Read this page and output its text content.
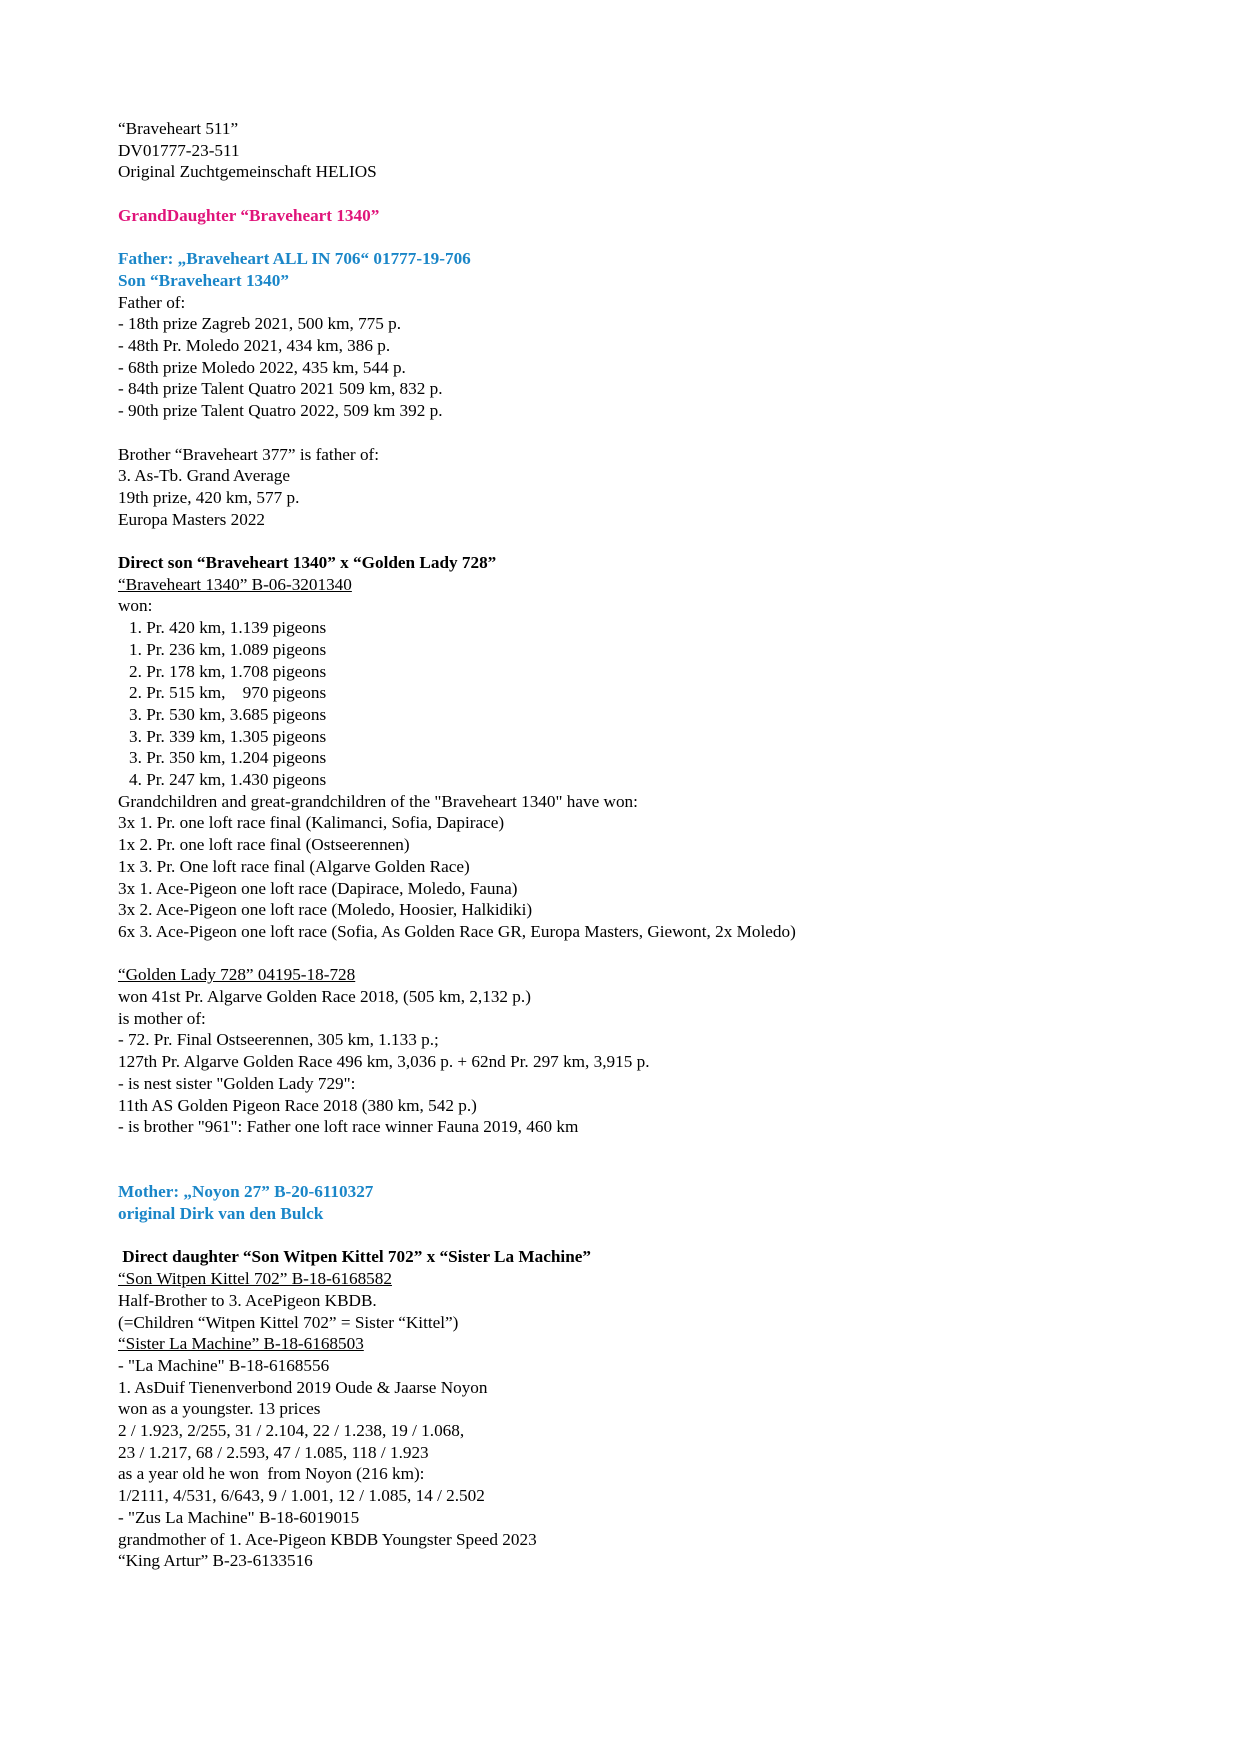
“Braveheart 511”
DV01777-23-511
Original Zuchtgemeinschaft HELIOS
GrandDaughter “Braveheart 1340”
Father: „Braveheart ALL IN 706“ 01777-19-706
Son “Braveheart 1340”
Father of:
- 18th prize Zagreb 2021, 500 km, 775 p.
- 48th Pr. Moledo 2021, 434 km, 386 p.
- 68th prize Moledo 2022, 435 km, 544 p.
- 84th prize Talent Quatro 2021 509 km, 832 p.
- 90th prize Talent Quatro 2022, 509 km 392 p.
Brother “Braveheart 377” is father of:
3. As-Tb. Grand Average
19th prize, 420 km, 577 p.
Europa Masters 2022
Direct son “Braveheart 1340” x “Golden Lady 728”
“Braveheart 1340” B-06-3201340
won:
1. Pr. 420 km, 1.139 pigeons
1. Pr. 236 km, 1.089 pigeons
2. Pr. 178 km, 1.708 pigeons
2. Pr. 515 km,    970 pigeons
3. Pr. 530 km, 3.685 pigeons
3. Pr. 339 km, 1.305 pigeons
3. Pr. 350 km, 1.204 pigeons
4. Pr. 247 km, 1.430 pigeons
Grandchildren and great-grandchildren of the "Braveheart 1340" have won:
3x 1. Pr. one loft race final (Kalimanci, Sofia, Dapirace)
1x 2. Pr. one loft race final (Ostseerennen)
1x 3. Pr. One loft race final (Algarve Golden Race)
3x 1. Ace-Pigeon one loft race (Dapirace, Moledo, Fauna)
3x 2. Ace-Pigeon one loft race (Moledo, Hoosier, Halkidiki)
6x 3. Ace-Pigeon one loft race (Sofia, As Golden Race GR, Europa Masters, Giewont, 2x Moledo)
“Golden Lady 728” 04195-18-728
won 41st Pr. Algarve Golden Race 2018, (505 km, 2,132 p.)
is mother of:
- 72. Pr. Final Ostseerennen, 305 km, 1.133 p.;
127th Pr. Algarve Golden Race 496 km, 3,036 p. + 62nd Pr. 297 km, 3,915 p.
- is nest sister "Golden Lady 729":
11th AS Golden Pigeon Race 2018 (380 km, 542 p.)
- is brother "961": Father one loft race winner Fauna 2019, 460 km
Mother: „Noyon 27” B-20-6110327
original Dirk van den Bulck
Direct daughter “Son Witpen Kittel 702” x “Sister La Machine”
“Son Witpen Kittel 702” B-18-6168582
Half-Brother to 3. AcePigeon KBDB.
(=Children “Witpen Kittel 702” = Sister “Kittel”)
“Sister La Machine” B-18-6168503
- "La Machine" B-18-6168556
1. AsDuif Tienenverbond 2019 Oude & Jaarse Noyon
won as a youngster. 13 prices
2 / 1.923, 2/255, 31 / 2.104, 22 / 1.238, 19 / 1.068,
23 / 1.217, 68 / 2.593, 47 / 1.085, 118 / 1.923
as a year old he won  from Noyon (216 km):
1/2111, 4/531, 6/643, 9 / 1.001, 12 / 1.085, 14 / 2.502
- "Zus La Machine" B-18-6019015
grandmother of 1. Ace-Pigeon KBDB Youngster Speed 2023
“King Artur” B-23-6133516
